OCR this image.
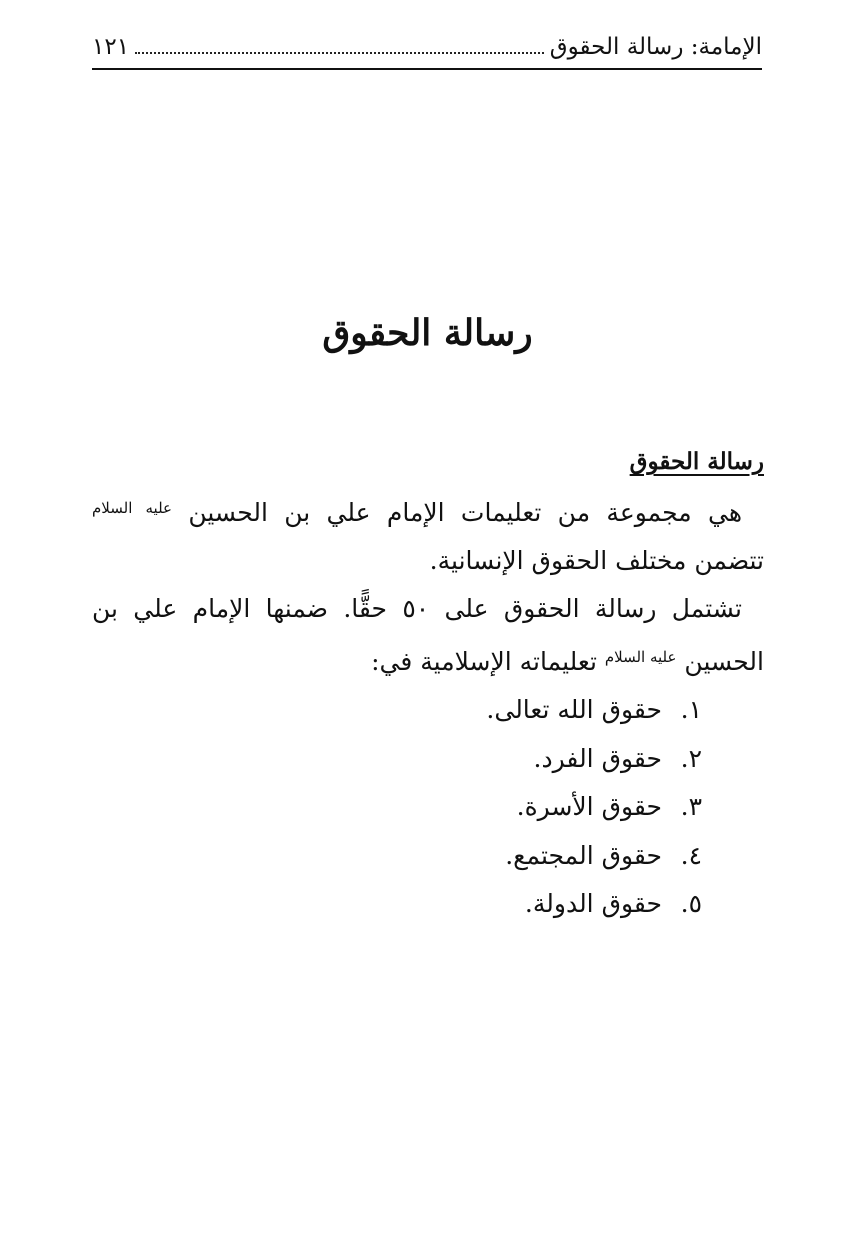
الإمامة: رسالة الحقوق
١٢١
رسالة الحقوق

رسالة الحقوق

هي مجموعة من تعليمات الإمام علي بن الحسين $^{عليه السلام}$ تتضمن مختلف الحقوق الإنسانية.

تشتمل رسالة الحقوق على ٥٠ حقًّا. ضمنها الإمام علي بن الحسين $^{عليه السلام}$ تعليماته الإسلامية في:

١.
حقوق الله تعالى.
٢.
حقوق الفرد.
٣.
حقوق الأسرة.
٤.
حقوق المجتمع.
٥.
حقوق الدولة.
